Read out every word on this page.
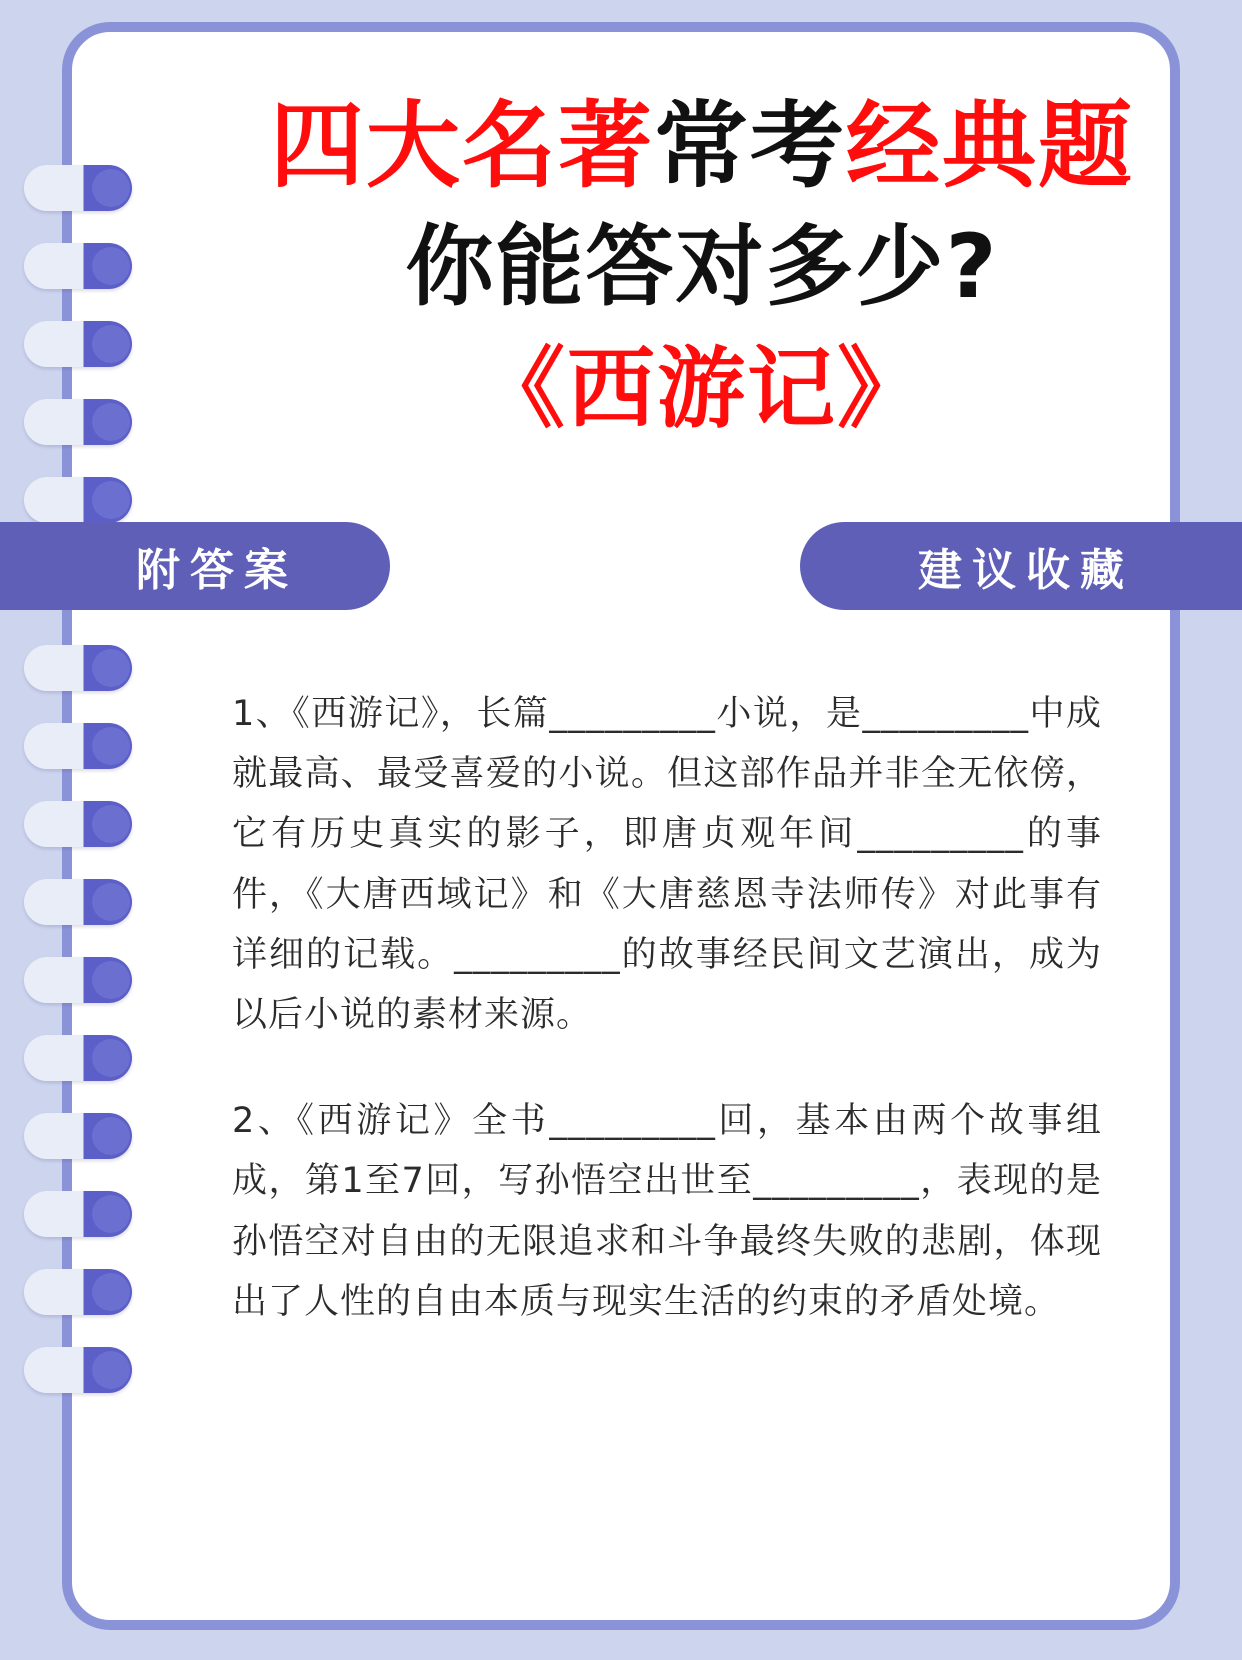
四大名著常考经典题
你能答对多少?
《西游记》

1、《西游记》，长篇_________小说，是_________中成就最高、最受喜爱的小说。但这部作品并非全无依傍，它有历史真实的影子，即唐贞观年间_________的事件，《大唐西域记》和《大唐慈恩寺法师传》对此事有详细的记载。_________的故事经民间文艺演出，成为以后小说的素材来源。

2、《西游记》全书_________回，基本由两个故事组成，第1至7回，写孙悟空出世至_________，表现的是孙悟空对自由的无限追求和斗争最终失败的悲剧，体现出了人性的自由本质与现实生活的约束的矛盾处境。

附答案	建议收藏
